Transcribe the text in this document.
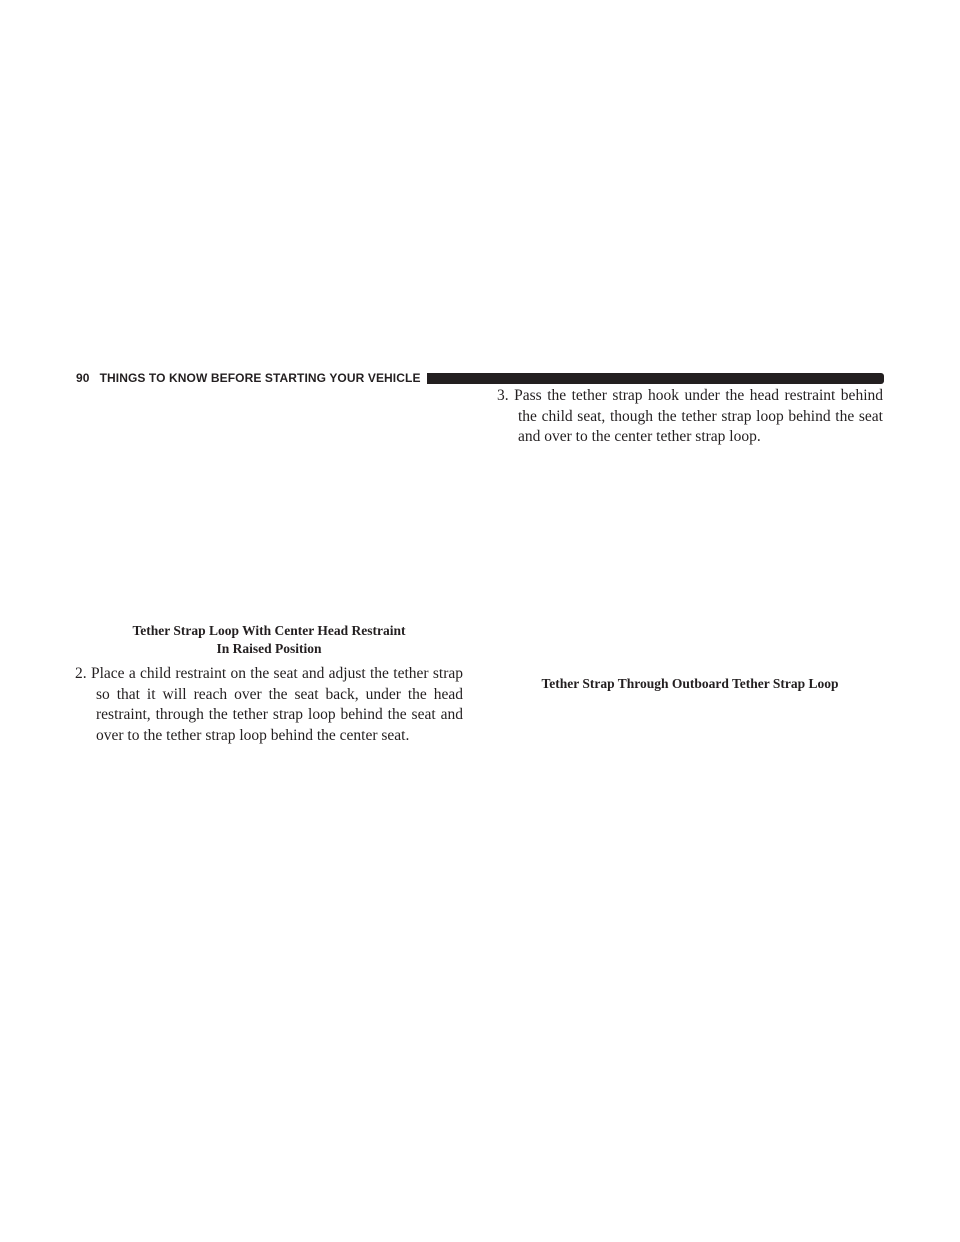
90 THINGS TO KNOW BEFORE STARTING YOUR VEHICLE
Tether Strap Loop With Center Head Restraint
In Raised Position

2. Place a child restraint on the seat and adjust the tether strap so that it will reach over the seat back, under the head restraint, through the tether strap loop behind the seat and over to the tether strap loop behind the center seat.

3. Pass the tether strap hook under the head restraint behind the child seat, though the tether strap loop behind the seat and over to the center tether strap loop.

Tether Strap Through Outboard Tether Strap Loop
